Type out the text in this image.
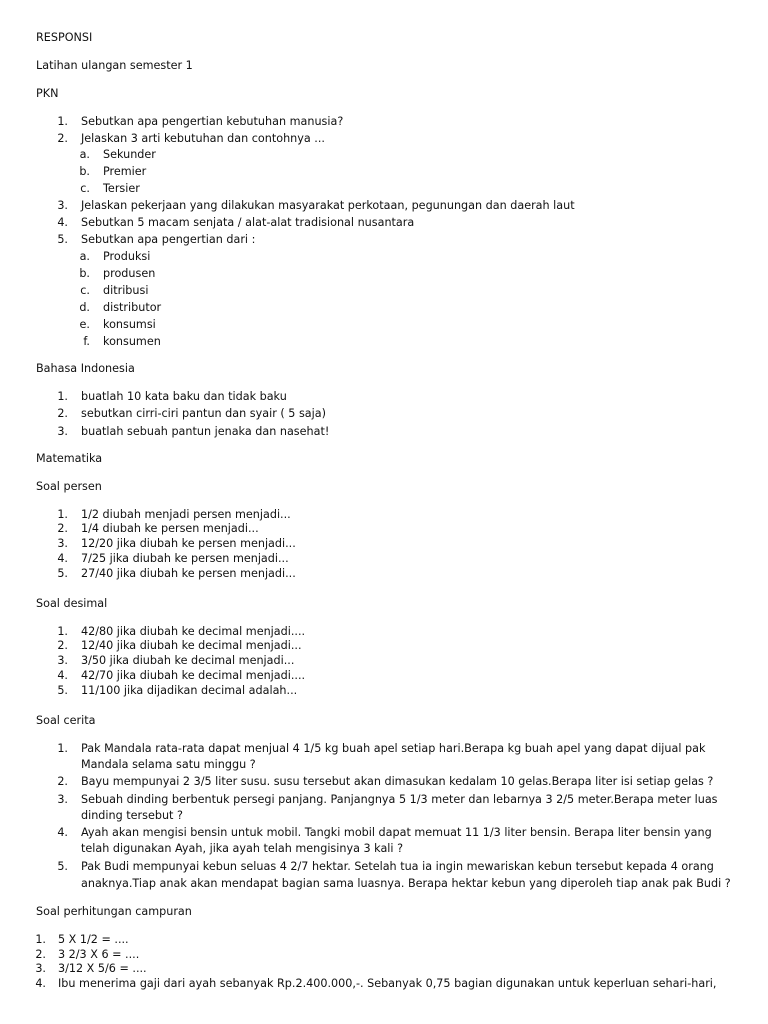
RESPONSI
Latihan ulangan semester 1
PKN
1. Sebutkan apa pengertian kebutuhan manusia?
2. Jelaskan 3 arti kebutuhan dan contohnya ...
a. Sekunder
b. Premier
c. Tersier
3. Jelaskan pekerjaan yang dilakukan masyarakat perkotaan, pegunungan dan daerah laut
4. Sebutkan 5 macam senjata / alat-alat tradisional nusantara
5. Sebutkan apa pengertian dari :
a. Produksi
b. produsen
c. ditribusi
d. distributor
e. konsumsi
f. konsumen
Bahasa Indonesia
1. buatlah 10 kata baku dan tidak baku
2. sebutkan cirri-ciri pantun dan syair ( 5 saja)
3. buatlah sebuah pantun jenaka dan nasehat!
Matematika
Soal persen
1. 1/2 diubah menjadi persen menjadi...
2. 1/4 diubah ke persen menjadi...
3. 12/20 jika diubah ke persen menjadi...
4. 7/25 jika diubah ke persen menjadi...
5. 27/40 jika diubah ke persen menjadi...
Soal desimal
1. 42/80 jika diubah ke decimal menjadi....
2. 12/40 jika diubah ke decimal menjadi...
3. 3/50 jika diubah ke decimal menjadi...
4. 42/70 jika diubah ke decimal menjadi....
5. 11/100 jika dijadikan decimal adalah...
Soal cerita
1. Pak Mandala rata-rata dapat menjual 4 1/5 kg buah apel setiap hari.Berapa kg buah apel yang dapat dijual pak
Mandala selama satu minggu ?
2. Bayu mempunyai 2 3/5 liter susu. susu tersebut akan dimasukan kedalam 10 gelas.Berapa liter isi setiap gelas ?
3. Sebuah dinding berbentuk persegi panjang. Panjangnya 5 1/3 meter dan lebarnya 3 2/5 meter.Berapa meter luas
dinding tersebut ?
4. Ayah akan mengisi bensin untuk mobil. Tangki mobil dapat memuat 11 1/3 liter bensin. Berapa liter bensin yang
telah digunakan Ayah, jika ayah telah mengisinya 3 kali ?
5. Pak Budi mempunyai kebun seluas 4 2/7 hektar. Setelah tua ia ingin mewariskan kebun tersebut kepada 4 orang
anaknya.Tiap anak akan mendapat bagian sama luasnya. Berapa hektar kebun yang diperoleh tiap anak pak Budi ?
Soal perhitungan campuran
1. 5 X 1/2 = ....
2. 3 2/3 X 6 = ....
3. 3/12 X 5/6 = ....
4. Ibu menerima gaji dari ayah sebanyak Rp.2.400.000,-. Sebanyak 0,75 bagian digunakan untuk keperluan sehari-hari,
